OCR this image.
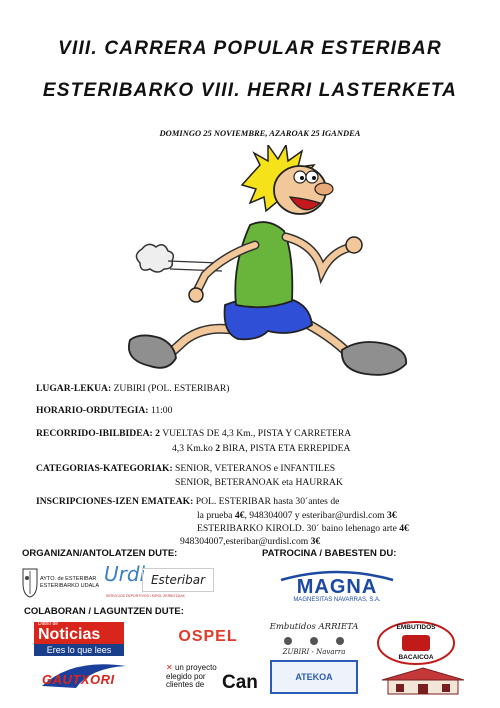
VIII. CARRERA POPULAR ESTERIBAR
ESTERIBARKO VIII. HERRI LASTERKETA
DOMINGO 25 NOVIEMBRE, AZAROAK 25 IGANDEA
LUGAR-LEKUA: ZUBIRI (POL. ESTERIBAR)
HORARIO-ORDUTEGIA: 11:00
RECORRIDO-IBILBIDEA: 2 VUELTAS DE 4,3 Km., PISTA Y CARRETERA
4,3 Km.ko 2 BIRA, PISTA ETA ERREPIDEA
CATEGORIAS-KATEGORIAK: SENIOR, VETERANOS e INFANTILES
SENIOR, BETERANOAK eta HAURRAK
INSCRIPCIONES-IZEN EMATEAK: POL. ESTERIBAR hasta 30´antes de
la prueba 4€, 948304007 y esteribar@urdisl.com 3€
ESTERIBARKO KIROLD. 30´ baino lehenago arte 4€
948304007,esteribar@urdisl.com 3€
ORGANIZAN/ANTOLATZEN DUTE:	PATROCINA / BABESTEN DU:
COLABORAN / LAGUNTZEN DUTE:
AYTO. de ESTERIBAR
ESTERIBARKO UDALA Urdi Esteribar
SERVICIOS DEPORTIVOS / KIROL ZERBITZUAK	MAGNA
MAGNESITAS NAVARRAS, S.A.
Diario de
Noticias
Eres lo que lees
OSPEL
Embutidos ARRIETA
ZUBIRI - Navarra
EMBUTIDOS
BACAICOA
GAUTXORI
✕ un proyecto
elegido por
clientes de Can	ATEKOA
